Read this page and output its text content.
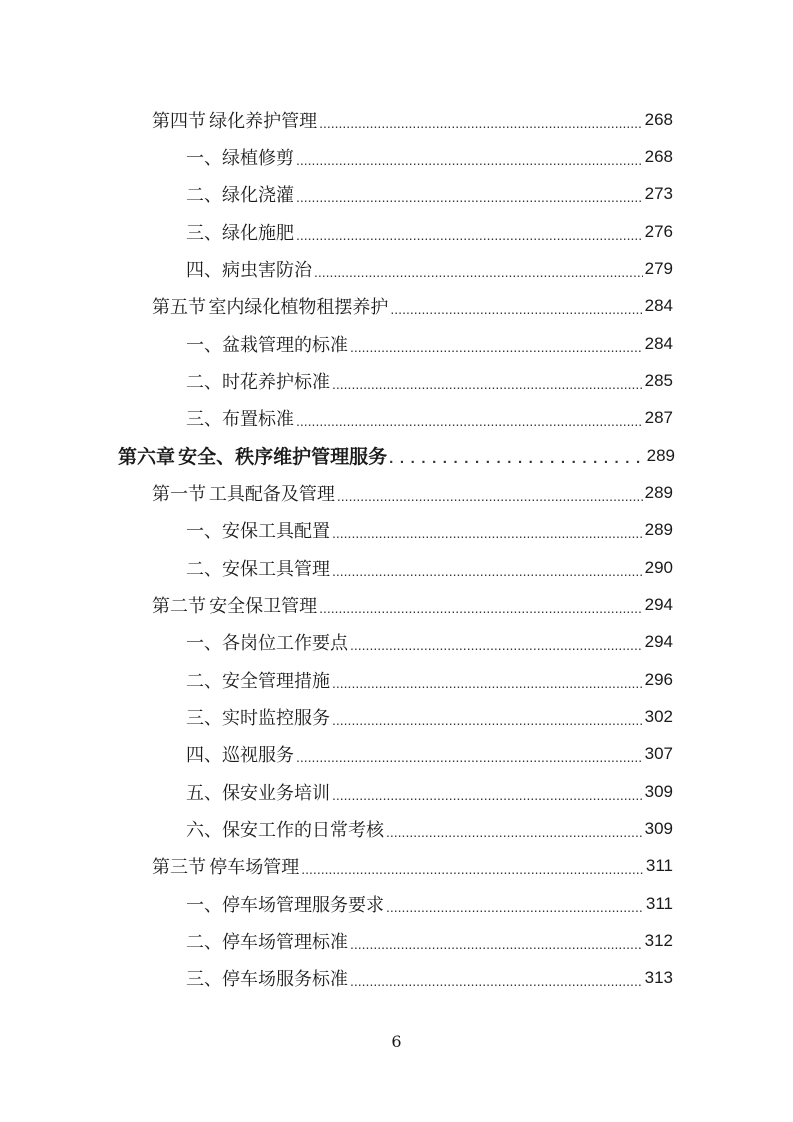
第四节 绿化养护管理 .....	268
一、 绿植修剪 .....	268
二、 绿化浇灌 .....	273
三、 绿化施肥 .....	276
四、 病虫害防治 .....	279
第五节 室内绿化植物租摆养护 .....	284
一、 盆栽管理的标准 .....	284
二、 时花养护标准 .....	285
三、 布置标准 .....	287
第六章 安全、秩序维护管理服务 . . .	289
第一节 工具配备及管理 .....	289
一、 安保工具配置 .....	289
二、 安保工具管理 .....	290
第二节 安全保卫管理 .....	294
一、 各岗位工作要点 .....	294
二、 安全管理措施 .....	296
三、 实时监控服务 .....	302
四、 巡视服务 .....	307
五、 保安业务培训 .....	309
六、 保安工作的日常考核 .....	309
第三节 停车场管理 .....	311
一、 停车场管理服务要求 .....	311
二、 停车场管理标准 .....	312
三、 停车场服务标准 .....	313
6
